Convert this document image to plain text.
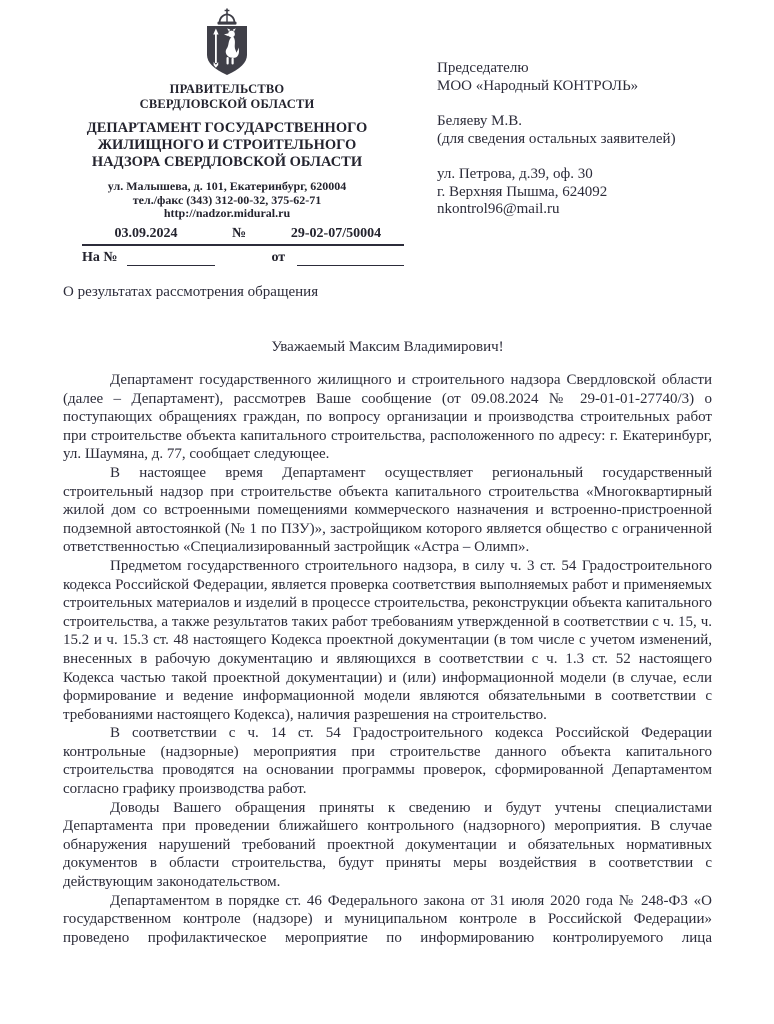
ПРАВИТЕЛЬСТВО
СВЕРДЛОВСКОЙ ОБЛАСТИ
ДЕПАРТАМЕНТ ГОСУДАРСТВЕННОГО
ЖИЛИЩНОГО И СТРОИТЕЛЬНОГО
НАДЗОРА СВЕРДЛОВСКОЙ ОБЛАСТИ
ул. Малышева, д. 101, Екатеринбург, 620004
тел./факс (343) 312-00-32, 375-62-71
http://nadzor.midural.ru
03.09.2024	№	29-02-07/50004
На №	от
Председателю
МОО «Народный КОНТРОЛЬ»
Беляеву М.В.
(для сведения остальных заявителей)
ул. Петрова, д.39, оф. 30
г. Верхняя Пышма, 624092
nkontrol96@mail.ru
О результатах рассмотрения обращения
Уважаемый Максим Владимирович!

Департамент государственного жилищного и строительного надзора Свердловской области (далее – Департамент), рассмотрев Ваше сообщение (от 09.08.2024 № 29-01-01-27740/3) о поступающих обращениях граждан, по вопросу организации и производства строительных работ при строительстве объекта капитального строительства, расположенного по адресу: г. Екатеринбург, ул. Шаумяна, д. 77, сообщает следующее.

В настоящее время Департамент осуществляет региональный государственный строительный надзор при строительстве объекта капитального строительства «Многоквартирный жилой дом со встроенными помещениями коммерческого назначения и встроенно-пристроенной подземной автостоянкой (№ 1 по ПЗУ)», застройщиком которого является общество с ограниченной ответственностью «Специализированный застройщик «Астра – Олимп».

Предметом государственного строительного надзора, в силу ч. 3 ст. 54 Градостроительного кодекса Российской Федерации, является проверка соответствия выполняемых работ и применяемых строительных материалов и изделий в процессе строительства, реконструкции объекта капитального строительства, а также результатов таких работ требованиям утвержденной в соответствии с ч. 15, ч. 15.2 и ч. 15.3 ст. 48 настоящего Кодекса проектной документации (в том числе с учетом изменений, внесенных в рабочую документацию и являющихся в соответствии с ч. 1.3 ст. 52 настоящего Кодекса частью такой проектной документации) и (или) информационной модели (в случае, если формирование и ведение информационной модели являются обязательными в соответствии с требованиями настоящего Кодекса), наличия разрешения на строительство.

В соответствии с ч. 14 ст. 54 Градостроительного кодекса Российской Федерации контрольные (надзорные) мероприятия при строительстве данного объекта капитального строительства проводятся на основании программы проверок, сформированной Департаментом согласно графику производства работ.

Доводы Вашего обращения приняты к сведению и будут учтены специалистами Департамента при проведении ближайшего контрольного (надзорного) мероприятия. В случае обнаружения нарушений требований проектной документации и обязательных нормативных документов в области строительства, будут приняты меры воздействия в соответствии с действующим законодательством.

Департаментом в порядке ст. 46 Федерального закона от 31 июля 2020 года № 248-ФЗ «О государственном контроле (надзоре) и муниципальном контроле в Российской Федерации» проведено профилактическое мероприятие по информированию контролируемого лица
